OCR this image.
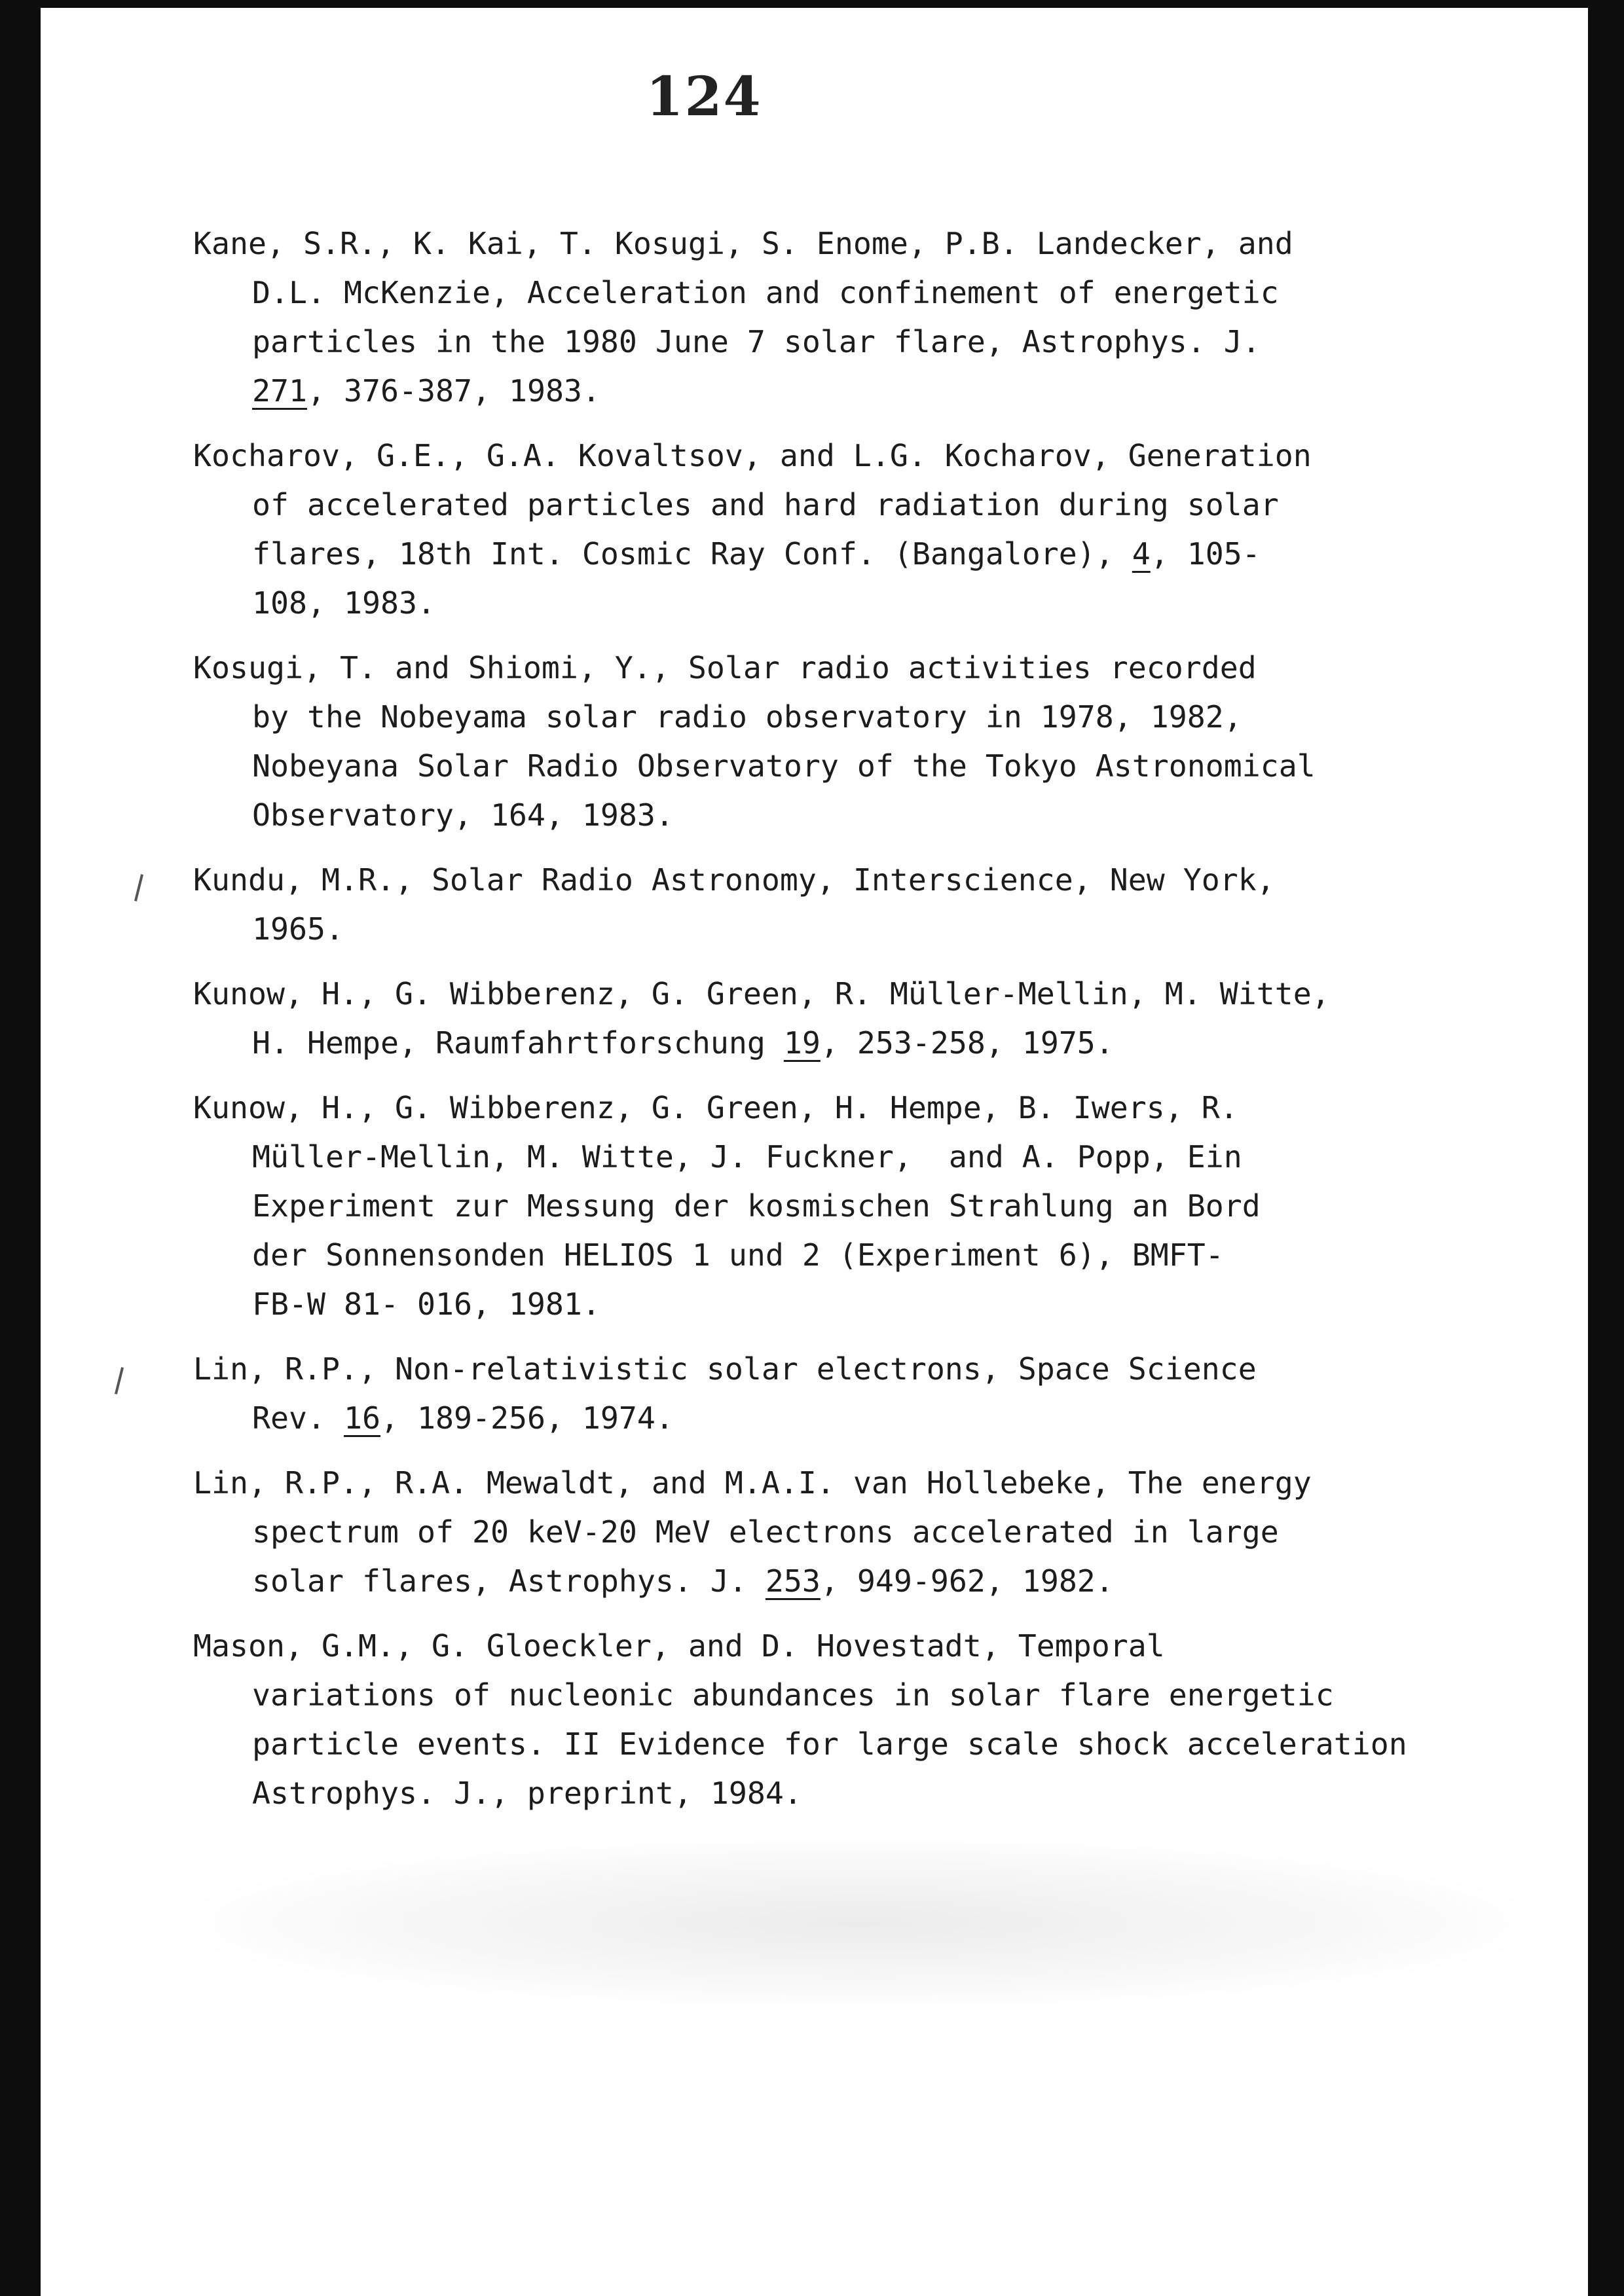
124
Kane, S.R., K. Kai, T. Kosugi, S. Enome, P.B. Landecker, and
D.L. McKenzie, Acceleration and confinement of energetic
particles in the 1980 June 7 solar flare, Astrophys. J.
271, 376-387, 1983.
Kocharov, G.E., G.A. Kovaltsov, and L.G. Kocharov, Generation
of accelerated particles and hard radiation during solar
flares, 18th Int. Cosmic Ray Conf. (Bangalore), 4, 105-
108, 1983.
Kosugi, T. and Shiomi, Y., Solar radio activities recorded
by the Nobeyama solar radio observatory in 1978, 1982,
Nobeyana Solar Radio Observatory of the Tokyo Astronomical
Observatory, 164, 1983.
Kundu, M.R., Solar Radio Astronomy, Interscience, New York,
1965.
Kunow, H., G. Wibberenz, G. Green, R. Müller-Mellin, M. Witte,
H. Hempe, Raumfahrtforschung 19, 253-258, 1975.
Kunow, H., G. Wibberenz, G. Green, H. Hempe, B. Iwers, R.
Müller-Mellin, M. Witte, J. Fuckner,  and A. Popp, Ein
Experiment zur Messung der kosmischen Strahlung an Bord
der Sonnensonden HELIOS 1 und 2 (Experiment 6), BMFT-
FB-W 81- 016, 1981.
Lin, R.P., Non-relativistic solar electrons, Space Science
Rev. 16, 189-256, 1974.
Lin, R.P., R.A. Mewaldt, and M.A.I. van Hollebeke, The energy
spectrum of 20 keV-20 MeV electrons accelerated in large
solar flares, Astrophys. J. 253, 949-962, 1982.
Mason, G.M., G. Gloeckler, and D. Hovestadt, Temporal
variations of nucleonic abundances in solar flare energetic
particle events. II Evidence for large scale shock acceleration
Astrophys. J., preprint, 1984.
